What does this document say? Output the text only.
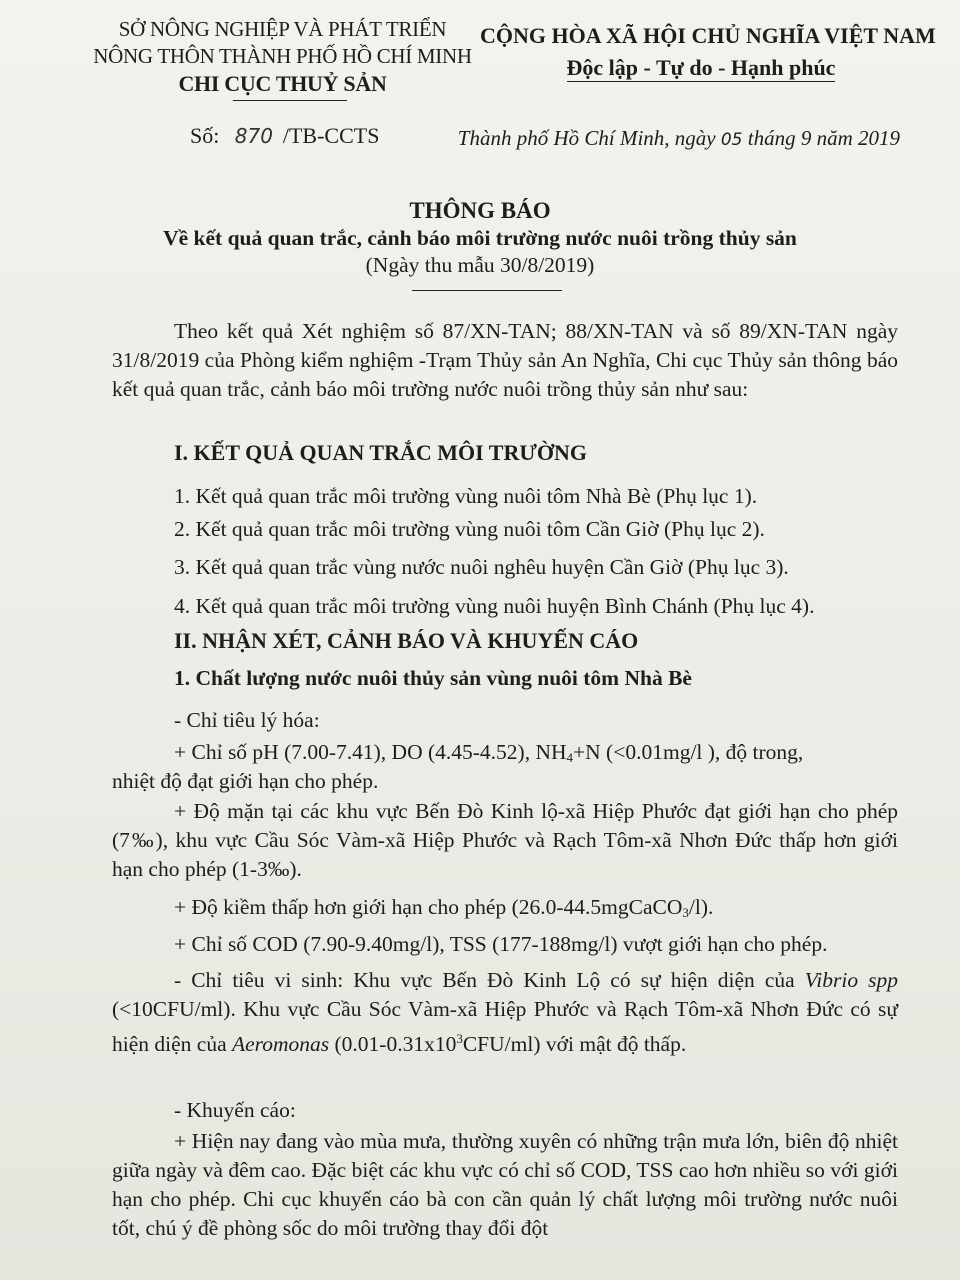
SỞ NÔNG NGHIỆP VÀ PHÁT TRIỂN
NÔNG THÔN THÀNH PHỐ HỒ CHÍ MINH
CHI CỤC THUỶ SẢN
CỘNG HÒA XÃ HỘI CHỦ NGHĨA VIỆT NAM
Độc lập - Tự do - Hạnh phúc
Số: 870 /TB-CCTS	Thành phố Hồ Chí Minh, ngày 05 tháng 9 năm 2019
THÔNG BÁO
Về kết quả quan trắc, cảnh báo môi trường nước nuôi trồng thủy sản
(Ngày thu mẫu 30/8/2019)
Theo kết quả Xét nghiệm số 87/XN-TAN; 88/XN-TAN và số 89/XN-TAN ngày 31/8/2019 của Phòng kiểm nghiệm -Trạm Thủy sản An Nghĩa, Chi cục Thủy sản thông báo kết quả quan trắc, cảnh báo môi trường nước nuôi trồng thủy sản như sau:
I. KẾT QUẢ QUAN TRẮC MÔI TRƯỜNG
1. Kết quả quan trắc môi trường vùng nuôi tôm Nhà Bè (Phụ lục 1).
2. Kết quả quan trắc môi trường vùng nuôi tôm Cần Giờ (Phụ lục 2).
3. Kết quả quan trắc vùng nước nuôi nghêu huyện Cần Giờ (Phụ lục 3).
4. Kết quả quan trắc môi trường vùng nuôi huyện Bình Chánh (Phụ lục 4).
II. NHẬN XÉT, CẢNH BÁO VÀ KHUYẾN CÁO
1. Chất lượng nước nuôi thủy sản vùng nuôi tôm Nhà Bè
- Chỉ tiêu lý hóa:
+ Chỉ số pH (7.00-7.41), DO (4.45-4.52), $NH_4+N$ (<0.01mg/l ), độ trong,
nhiệt độ đạt giới hạn cho phép.
+ Độ mặn tại các khu vực Bến Đò Kinh lộ-xã Hiệp Phước đạt giới hạn cho phép (7‰), khu vực Cầu Sóc Vàm-xã Hiệp Phước và Rạch Tôm-xã Nhơn Đức thấp hơn giới hạn cho phép (1-3‰).
+ Độ kiềm thấp hơn giới hạn cho phép (26.0-44.5mgCaCO$_3$/l).
+ Chỉ số COD (7.90-9.40mg/l), TSS (177-188mg/l) vượt giới hạn cho phép.
- Chỉ tiêu vi sinh: Khu vực Bến Đò Kinh Lộ có sự hiện diện của Vibrio spp (<10CFU/ml). Khu vực Cầu Sóc Vàm-xã Hiệp Phước và Rạch Tôm-xã Nhơn Đức có sự hiện diện của Aeromonas $(0.01-0.31x10^3CFU/ml)$ với mật độ thấp.
- Khuyến cáo:
+ Hiện nay đang vào mùa mưa, thường xuyên có những trận mưa lớn, biên độ nhiệt giữa ngày và đêm cao. Đặc biệt các khu vực có chỉ số COD, TSS cao hơn nhiều so với giới hạn cho phép. Chi cục khuyến cáo bà con cần quản lý chất lượng môi trường nước nuôi tốt, chú ý đề phòng sốc do môi trường thay đổi đột
